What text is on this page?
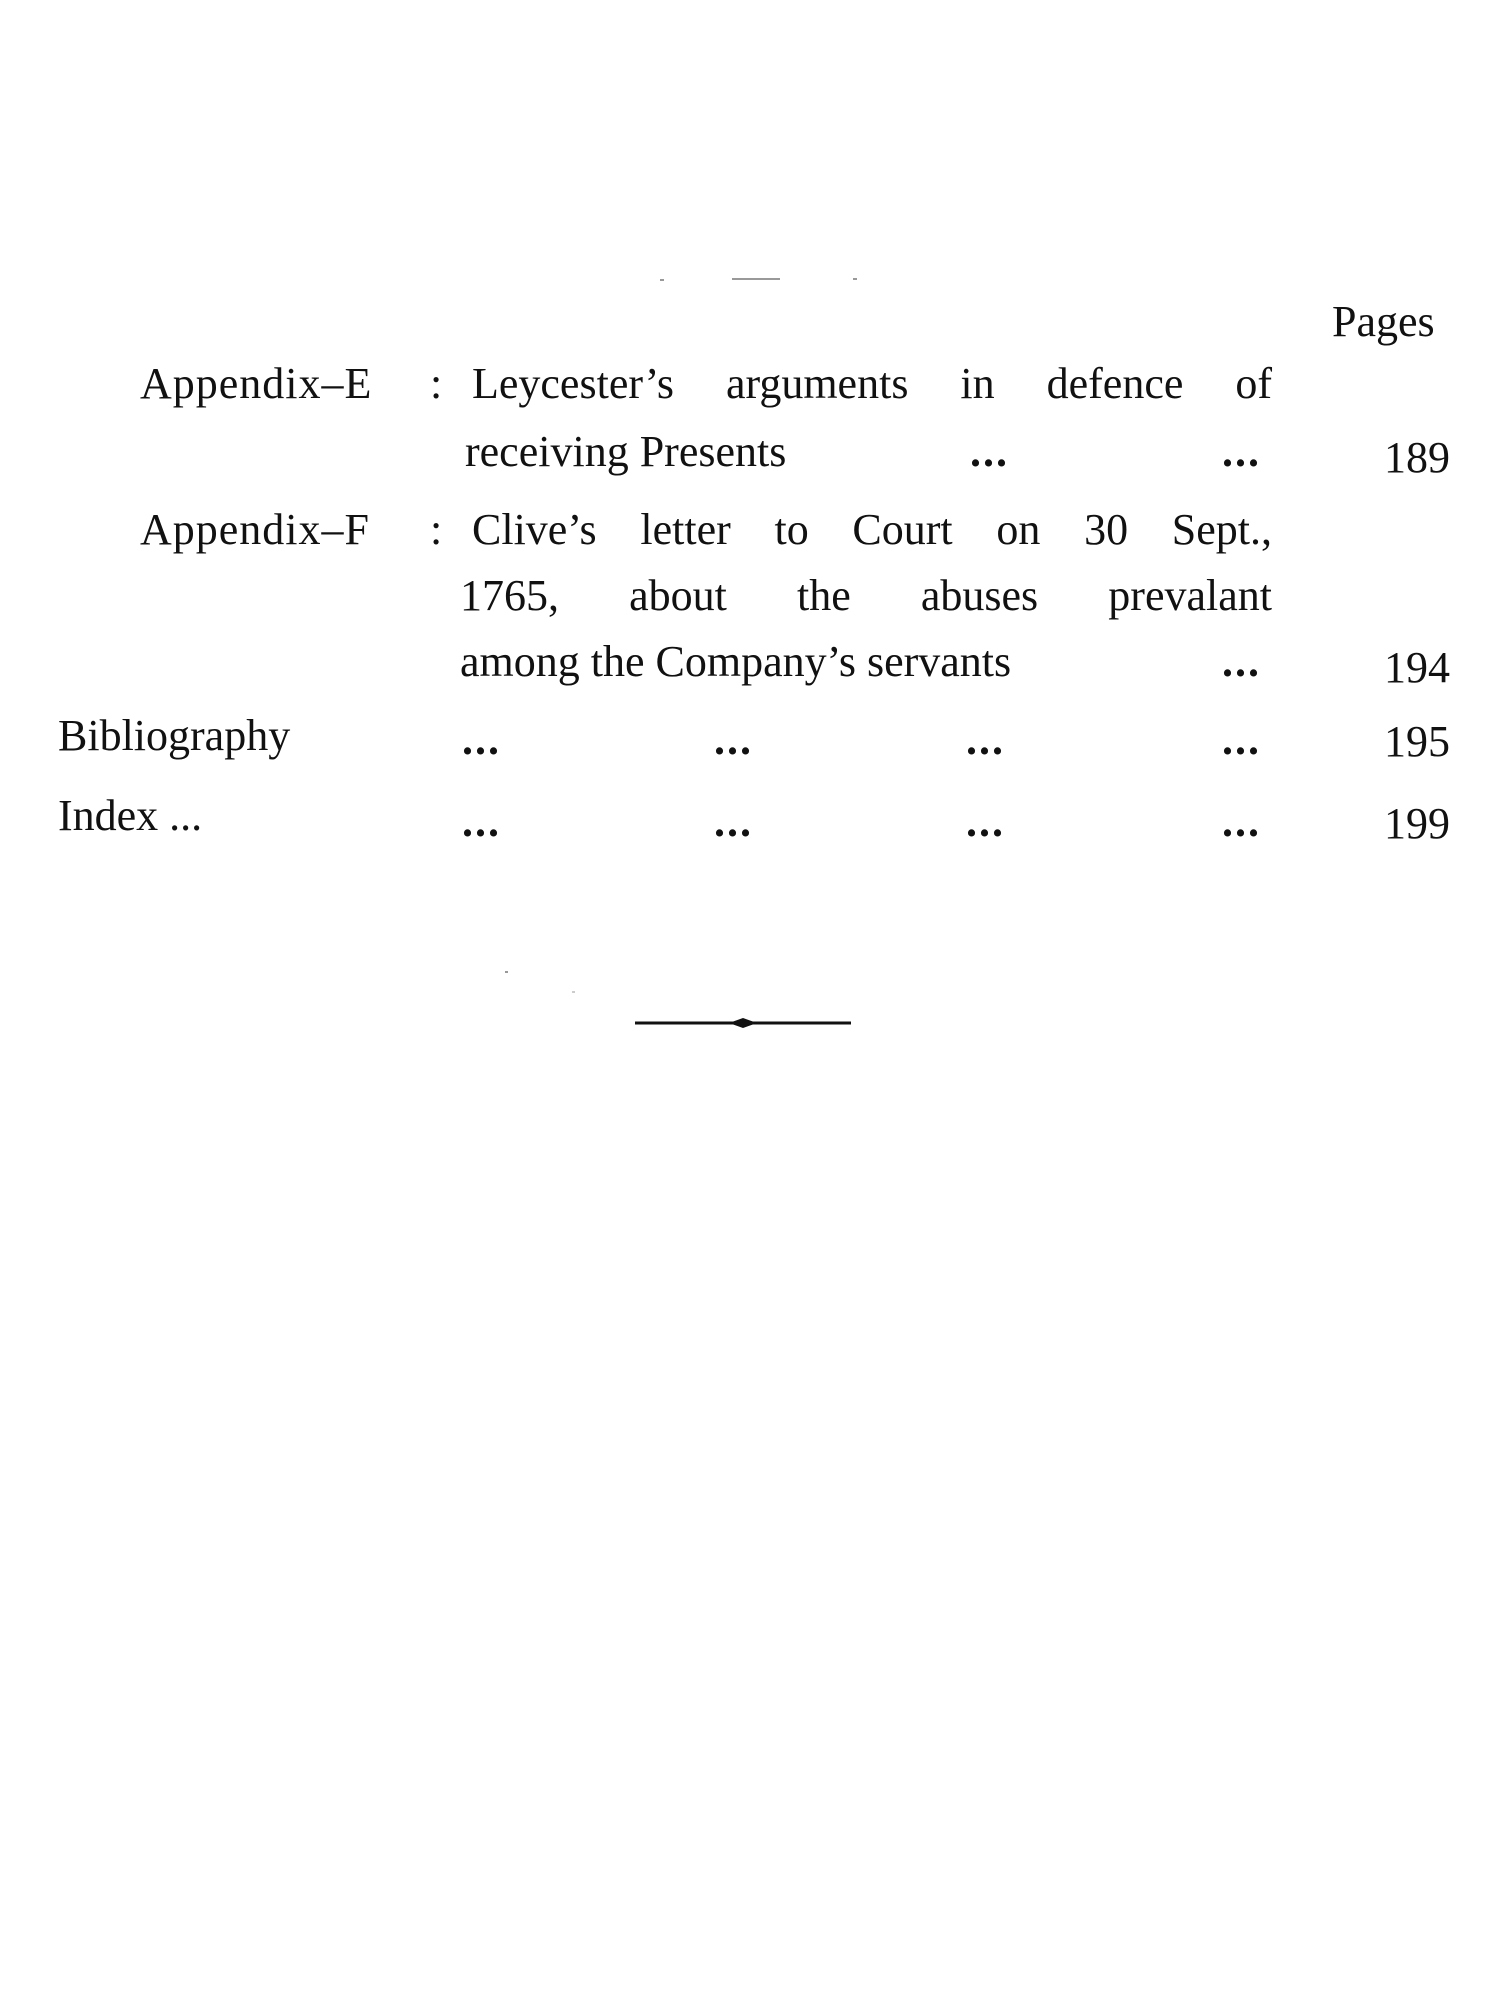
Pages
Appendix–E : Leycester’s arguments in defence of
receiving Presents	...	...	189
Appendix–F : Clive’s letter to Court on 30 Sept.,
1765, about the abuses prevalant
among the Company’s servants	...	194
Bibliography	...	...	...	...	195
Index ...	...	...	...	...	199
